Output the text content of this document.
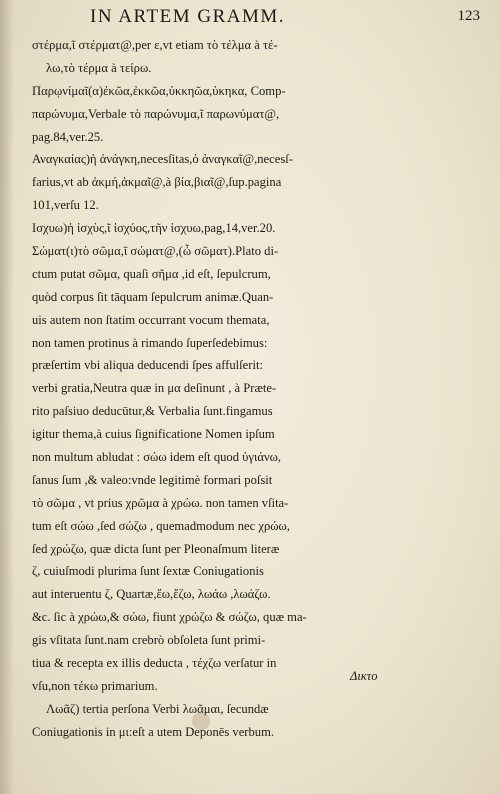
IN ARTEM GRAMM.	123
στέρμα,ῖ στέρματ@,per ε,vt etiam τὸ τέλμα à τέ-
λω,τὸ τέρμα à τείρω.
Παρῳνίμαῖ(α)ἐκῶα,ἐκκῶα,ὐκκηῶα,ὑκηκα, Comp-
παρώνυμα,Verbale τὸ παρώνυμα,ῖ παρωνύματ@,
pag.84,ver.25.
Αναγκαίας)ἡ ἀνάγκη,necesſitas,ὁ ἀναγκαῖ@,necesſ-
farius,vt ab ἀκμή,ἀκμαῖ@,à βία,βιαῖ@,ſup.pagina
101,verſu 12.
Ισχυω)ἡ ἰσχὺς,ῖ ἰσχύος,τῆν ἰσχυω,pag,14,ver.20.
Σώματ(ι)τὸ σῶμα,ῖ σώματ@,(ὦ σῶματ).Plato di-
ctum putat σῶμα, quaſi σῆμα ,id eſt, ſepulcrum,
quòd corpus ſit tāquam ſepulcrum animæ.Quan-
uis autem non ſtatim occurrant vocum themata,
non tamen protinus à rimando ſuperſedebimus:
præſertim vbi aliqua deducendi ſpes affulſerit:
verbi gratia,Neutra quæ in μα deſinunt , à Præte-
rito paſsiuo deducūtur,& Verbalia ſunt.fingamus
igitur thema,à cuius ſignificatione Nomen ipſum
non multum abludat : σώω idem eſt quod ὑγιάνω,
ſanus ſum ,& valeo:vnde legitimè formari poſsit
τὸ σῶμα , vt prius χρῶμα à χρώω. non tamen vſita-
tum eſt σώω ,ſed σώζω , quemadmodum nec χρώω,
ſed χρώζω, quæ dicta ſunt per Pleonaſmum literæ
ζ, cuiuſmodi plurima ſunt ſextæ Coniugationis
aut interuentu ζ, Quartæ,ἕω,ἕζω, λωάω ,λωάζω.
&c. ſic à χρώω,& σώω, fiunt χρώζω & σώζω, quæ ma-
gis vſitata ſunt.nam crebrò obſoleta ſunt primi-
tiua & recepta ex illis deducta , τέχζω verſatur in
vſu,non τέκω primarium.
Λωᾶζ) tertia perſona Verbi λωᾶμαι, ſecundæ
Coniugationis in μι:eſt a utem Deponēs verbum.
Δικτο
